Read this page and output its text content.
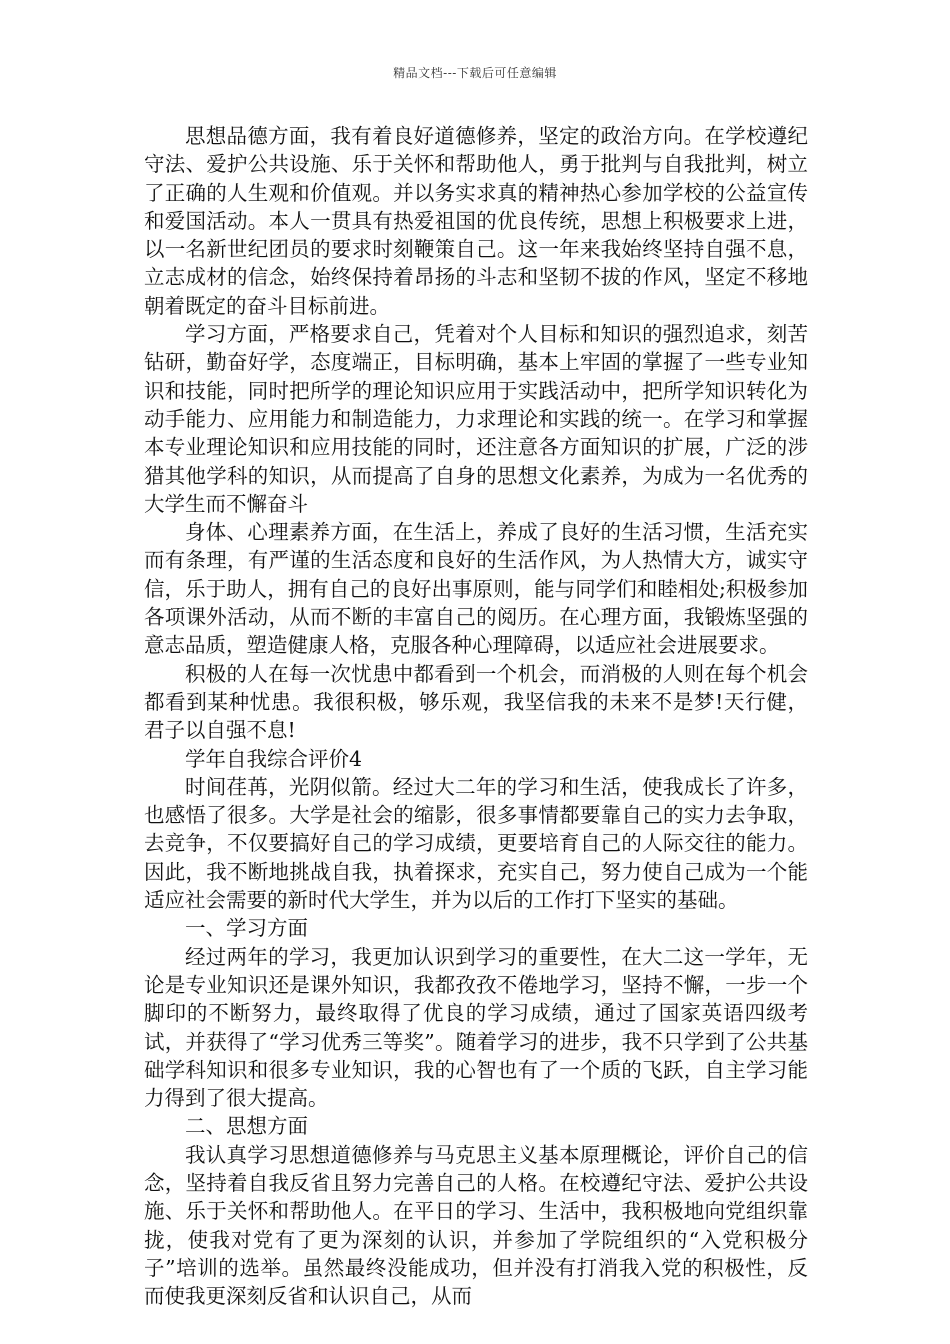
精品文档---下载后可任意编辑

思想品德方面，我有着良好道德修养，坚定的政治方向。在学校遵纪守法、爱护公共设施、乐于关怀和帮助他人，勇于批判与自我批判，树立了正确的人生观和价值观。并以务实求真的精神热心参加学校的公益宣传和爱国活动。本人一贯具有热爱祖国的优良传统，思想上积极要求上进，以一名新世纪团员的要求时刻鞭策自己。这一年来我始终坚持自强不息，立志成材的信念，始终保持着昂扬的斗志和坚韧不拔的作风，坚定不移地朝着既定的奋斗目标前进。

学习方面，严格要求自己，凭着对个人目标和知识的强烈追求，刻苦钻研，勤奋好学，态度端正，目标明确，基本上牢固的掌握了一些专业知识和技能，同时把所学的理论知识应用于实践活动中，把所学知识转化为动手能力、应用能力和制造能力，力求理论和实践的统一。在学习和掌握本专业理论知识和应用技能的同时，还注意各方面知识的扩展，广泛的涉猎其他学科的知识，从而提高了自身的思想文化素养，为成为一名优秀的大学生而不懈奋斗

身体、心理素养方面，在生活上，养成了良好的生活习惯，生活充实而有条理，有严谨的生活态度和良好的生活作风，为人热情大方，诚实守信，乐于助人，拥有自己的良好出事原则，能与同学们和睦相处;积极参加各项课外活动，从而不断的丰富自己的阅历。在心理方面，我锻炼坚强的意志品质，塑造健康人格，克服各种心理障碍，以适应社会进展要求。

积极的人在每一次忧患中都看到一个机会，而消极的人则在每个机会都看到某种忧患。我很积极，够乐观，我坚信我的未来不是梦!天行健，君子以自强不息!

学年自我综合评价4

时间荏苒，光阴似箭。经过大二年的学习和生活，使我成长了许多，也感悟了很多。大学是社会的缩影，很多事情都要靠自己的实力去争取，去竞争，不仅要搞好自己的学习成绩，更要培育自己的人际交往的能力。因此，我不断地挑战自我，执着探求，充实自己，努力使自己成为一个能适应社会需要的新时代大学生，并为以后的工作打下坚实的基础。

一、学习方面

经过两年的学习，我更加认识到学习的重要性，在大二这一学年，无论是专业知识还是课外知识，我都孜孜不倦地学习，坚持不懈，一步一个脚印的不断努力，最终取得了优良的学习成绩，通过了国家英语四级考试，并获得了“学习优秀三等奖”。随着学习的进步，我不只学到了公共基础学科知识和很多专业知识，我的心智也有了一个质的飞跃，自主学习能力得到了很大提高。

二、思想方面

我认真学习思想道德修养与马克思主义基本原理概论，评价自己的信念，坚持着自我反省且努力完善自己的人格。在校遵纪守法、爱护公共设施、乐于关怀和帮助他人。在平日的学习、生活中，我积极地向党组织靠拢，使我对党有了更为深刻的认识，并参加了学院组织的“入党积极分子”培训的选举。虽然最终没能成功，但并没有打消我入党的积极性，反而使我更深刻反省和认识自己，从而
